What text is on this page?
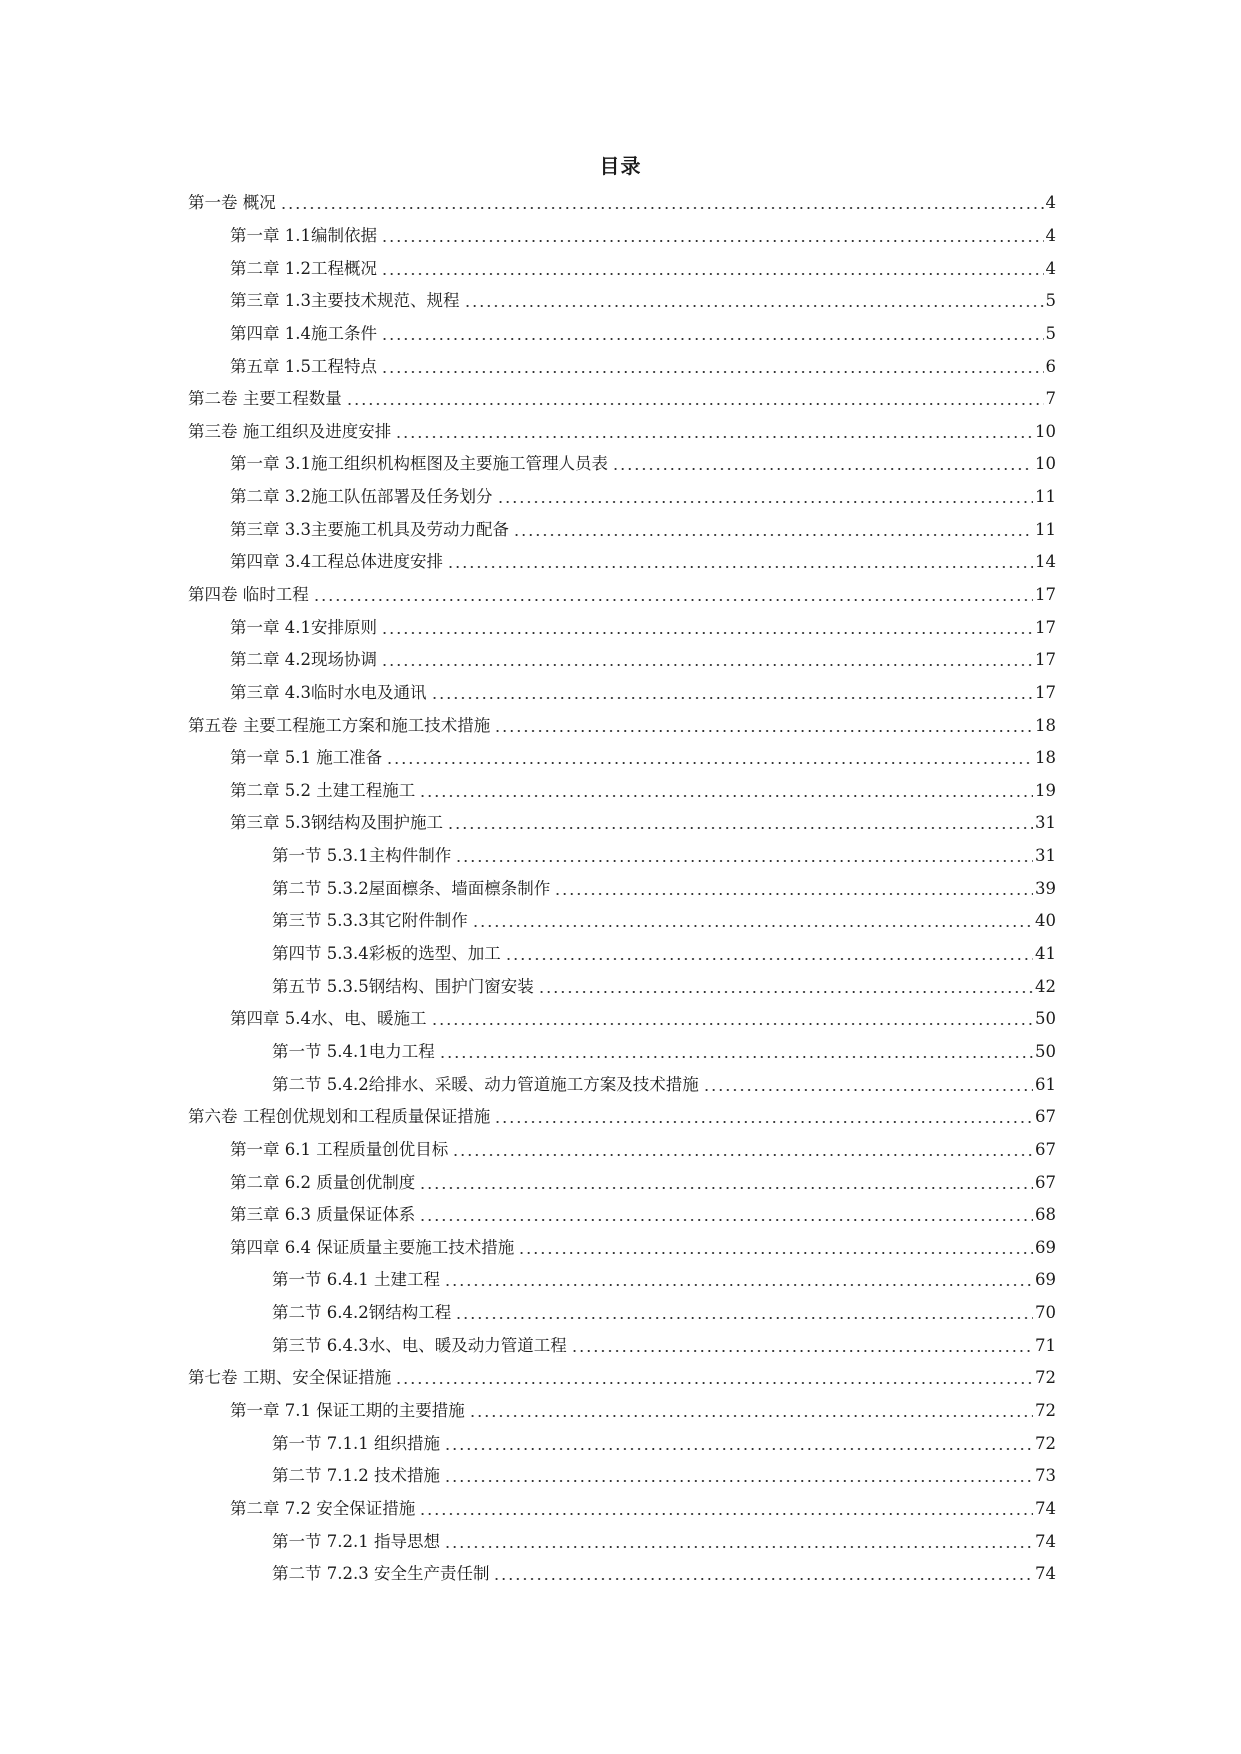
目录
第一卷 概况	4
第一章 1.1编制依据	4
第二章 1.2工程概况	4
第三章 1.3主要技术规范、规程	5
第四章 1.4施工条件	5
第五章 1.5工程特点	6
第二卷 主要工程数量	7
第三卷 施工组织及进度安排	10
第一章 3.1施工组织机构框图及主要施工管理人员表	10
第二章 3.2施工队伍部署及任务划分	11
第三章 3.3主要施工机具及劳动力配备	11
第四章 3.4工程总体进度安排	14
第四卷 临时工程	17
第一章 4.1安排原则	17
第二章 4.2现场协调	17
第三章 4.3临时水电及通讯	17
第五卷 主要工程施工方案和施工技术措施	18
第一章 5.1 施工准备	18
第二章 5.2 土建工程施工	19
第三章 5.3钢结构及围护施工	31
第一节 5.3.1主构件制作	31
第二节 5.3.2屋面檩条、墙面檩条制作	39
第三节 5.3.3其它附件制作	40
第四节 5.3.4彩板的选型、加工	41
第五节 5.3.5钢结构、围护门窗安装	42
第四章 5.4水、电、暖施工	50
第一节 5.4.1电力工程	50
第二节 5.4.2给排水、采暖、动力管道施工方案及技术措施	61
第六卷 工程创优规划和工程质量保证措施	67
第一章 6.1 工程质量创优目标	67
第二章 6.2 质量创优制度	67
第三章 6.3 质量保证体系	68
第四章 6.4 保证质量主要施工技术措施	69
第一节 6.4.1 土建工程	69
第二节 6.4.2钢结构工程	70
第三节 6.4.3水、电、暖及动力管道工程	71
第七卷 工期、安全保证措施	72
第一章 7.1 保证工期的主要措施	72
第一节 7.1.1 组织措施	72
第二节 7.1.2 技术措施	73
第二章 7.2 安全保证措施	74
第一节 7.2.1 指导思想	74
第二节 7.2.3 安全生产责任制	74
